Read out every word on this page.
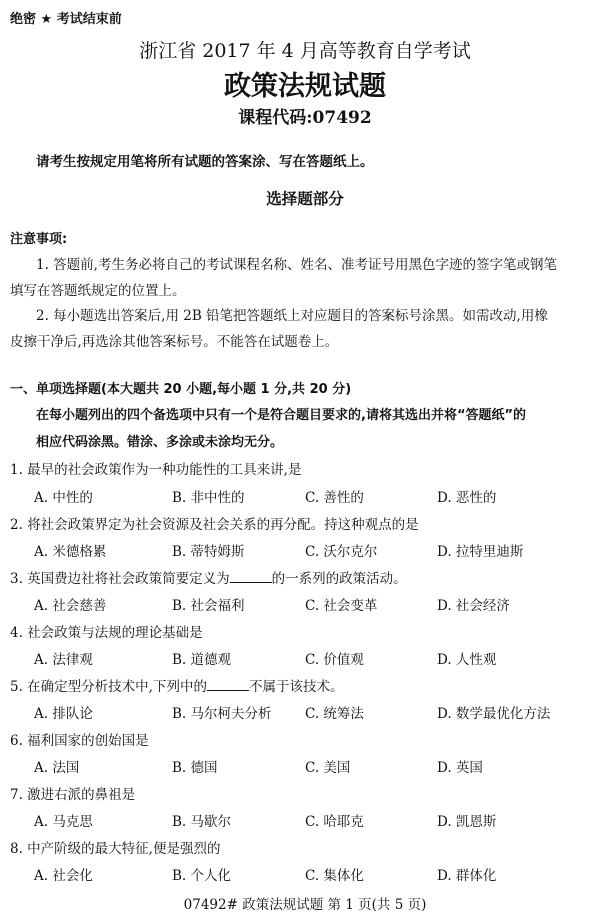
绝密 ★ 考试结束前
浙江省 2017 年 4 月高等教育自学考试
政策法规试题
课程代码:07492
请考生按规定用笔将所有试题的答案涂、写在答题纸上。
选择题部分
注意事项:
1. 答题前,考生务必将自己的考试课程名称、姓名、准考证号用黑色字迹的签字笔或钢笔
填写在答题纸规定的位置上。
2. 每小题选出答案后,用 2B 铅笔把答题纸上对应题目的答案标号涂黑。如需改动,用橡
皮擦干净后,再选涂其他答案标号。不能答在试题卷上。
一、单项选择题(本大题共 20 小题,每小题 1 分,共 20 分)
在每小题列出的四个备选项中只有一个是符合题目要求的,请将其选出并将“答题纸”的
相应代码涂黑。错涂、多涂或未涂均无分。
1. 最早的社会政策作为一种功能性的工具来讲,是
A. 中性的	B. 非中性的	C. 善性的	D. 恶性的
2. 将社会政策界定为社会资源及社会关系的再分配。持这种观点的是
A. 米德格累	B. 蒂特姆斯	C. 沃尔克尔	D. 拉特里迪斯
3. 英国费边社将社会政策简要定义为	的一系列的政策活动。
A. 社会慈善	B. 社会福利	C. 社会变革	D. 社会经济
4. 社会政策与法规的理论基础是
A. 法律观	B. 道德观	C. 价值观	D. 人性观
5. 在确定型分析技术中,下列中的	不属于该技术。
A. 排队论	B. 马尔柯夫分析 C. 统筹法	D. 数学最优化方法
6. 福利国家的创始国是
A. 法国	B. 德国	C. 美国	D. 英国
7. 激进右派的鼻祖是
A. 马克思	B. 马歇尔	C. 哈耶克	D. 凯恩斯
8. 中产阶级的最大特征,便是强烈的
A. 社会化	B. 个人化	C. 集体化	D. 群体化
07492# 政策法规试题 第 1 页(共 5 页)
